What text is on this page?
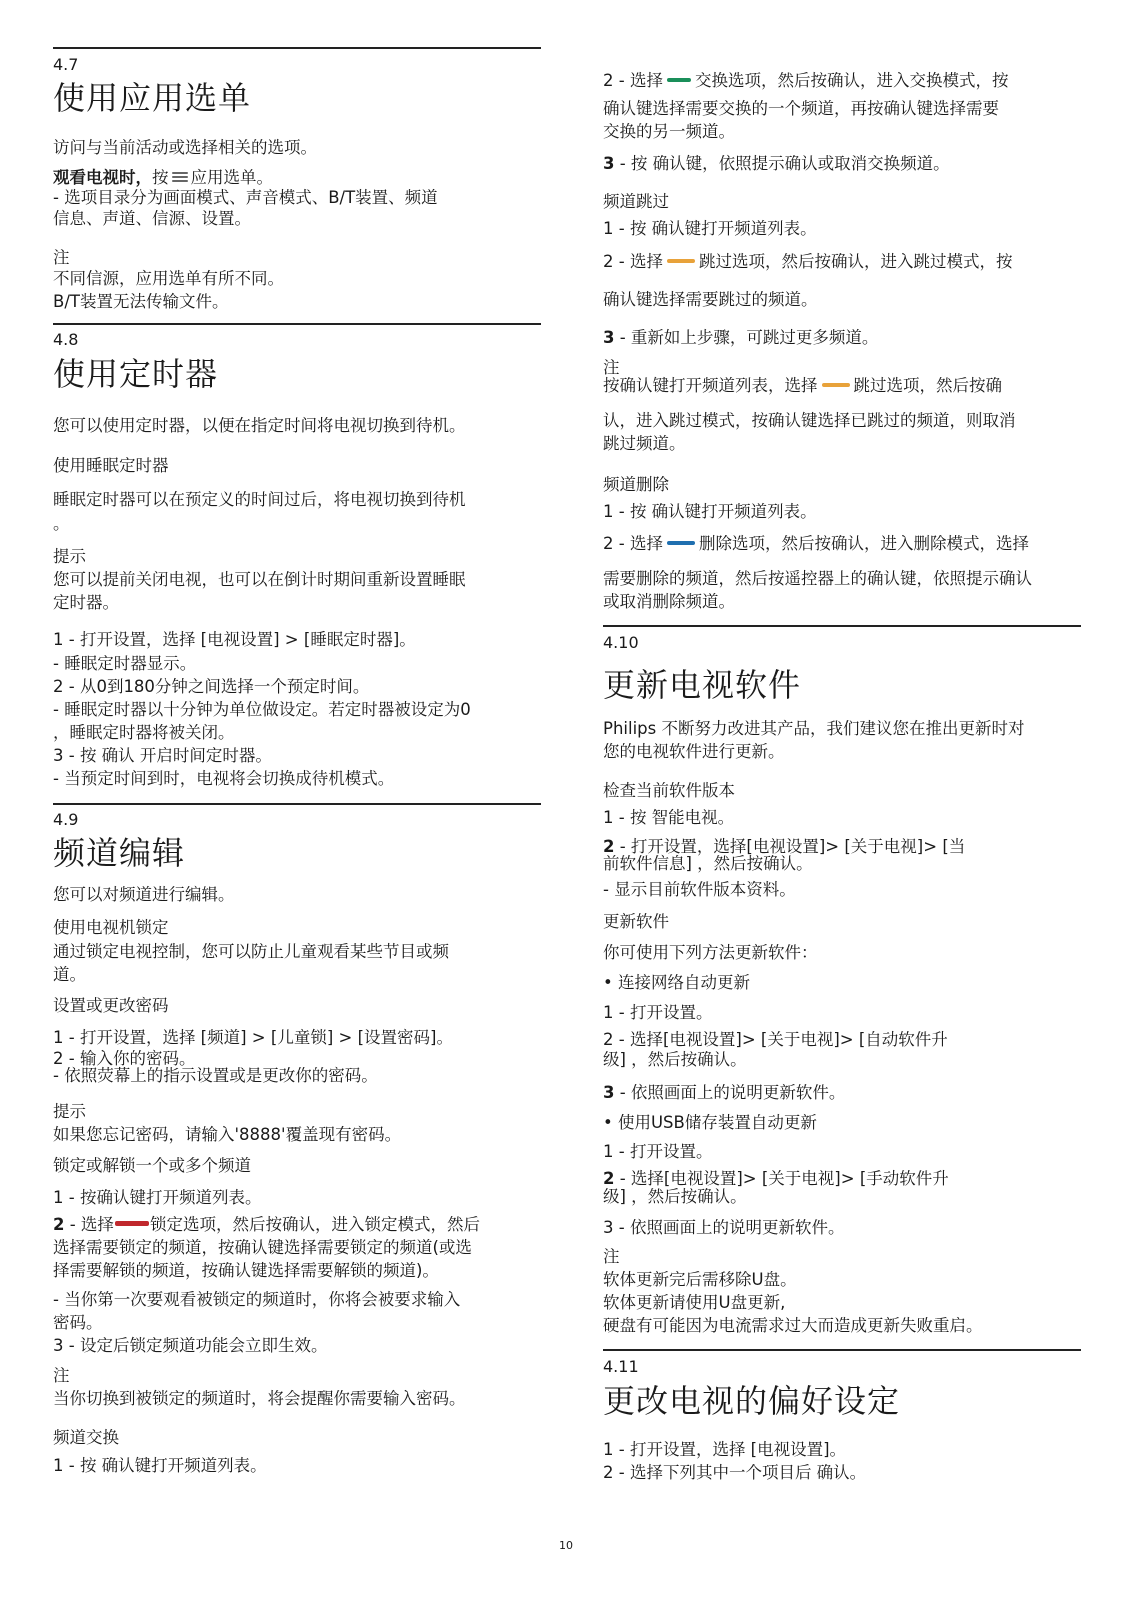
4.7
使用应用选单
访问与当前活动或选择相关的选项。
观看电视时，按 应用选单。
- 选项目录分为画面模式、声音模式、B/T装置、频道
信息、声道、信源、设置。
注
不同信源，应用选单有所不同。
B/T装置无法传输文件。
4.8
使用定时器
您可以使用定时器，以便在指定时间将电视切换到待机。
使用睡眠定时器
睡眠定时器可以在预定义的时间过后，将电视切换到待机
。
提示
您可以提前关闭电视，也可以在倒计时期间重新设置睡眠
定时器。
1 - 打开设置，选择 [电视设置] > [睡眠定时器]。
- 睡眠定时器显示。
2 - 从0到180分钟之间选择一个预定时间。
- 睡眠定时器以十分钟为单位做设定。若定时器被设定为0
，睡眠定时器将被关闭。
3 - 按 确认 开启时间定时器。
- 当预定时间到时，电视将会切换成待机模式。
4.9
频道编辑
您可以对频道进行编辑。
使用电视机锁定
通过锁定电视控制，您可以防止儿童观看某些节目或频
道。
设置或更改密码
1 - 打开设置，选择 [频道] > [儿童锁] > [设置密码]。
2 - 输入你的密码。
- 依照荧幕上的指示设置或是更改你的密码。
提示
如果您忘记密码，请输入'8888'覆盖现有密码。
锁定或解锁一个或多个频道
1 - 按确认键打开频道列表。
2 - 选择 锁定选项，然后按确认，进入锁定模式，然后
选择需要锁定的频道，按确认键选择需要锁定的频道(或选
择需要解锁的频道，按确认键选择需要解锁的频道)。
- 当你第一次要观看被锁定的频道时，你将会被要求输入
密码。
3 - 设定后锁定频道功能会立即生效。
注
当你切换到被锁定的频道时，将会提醒你需要输入密码。
频道交换
1 - 按 确认键打开频道列表。
2 - 选择 交换选项，然后按确认，进入交换模式，按
确认键选择需要交换的一个频道，再按确认键选择需要
交换的另一频道。
3 - 按 确认键，依照提示确认或取消交换频道。
频道跳过
1 - 按 确认键打开频道列表。
2 - 选择 跳过选项，然后按确认，进入跳过模式，按
确认键选择需要跳过的频道。
3 - 重新如上步骤，可跳过更多频道。
注
按确认键打开频道列表，选择 跳过选项，然后按确
认，进入跳过模式，按确认键选择已跳过的频道，则取消
跳过频道。
频道删除
1 - 按 确认键打开频道列表。
2 - 选择 删除选项，然后按确认，进入删除模式，选择
需要删除的频道，然后按遥控器上的确认键，依照提示确认
或取消删除频道。
4.10
更新电视软件
Philips 不断努力改进其产品，我们建议您在推出更新时对
您的电视软件进行更新。
检查当前软件版本
1 - 按 智能电视。
2 - 打开设置，选择[电视设置]> [关于电视]> [当
前软件信息] ，然后按确认。
- 显示目前软件版本资料。
更新软件
你可使用下列方法更新软件：
• 连接网络自动更新
1 - 打开设置。
2 - 选择[电视设置]> [关于电视]> [自动软件升
级] ，然后按确认。
3 - 依照画面上的说明更新软件。
• 使用USB储存装置自动更新
1 - 打开设置。
2 - 选择[电视设置]> [关于电视]> [手动软件升
级] ，然后按确认。
3 - 依照画面上的说明更新软件。
注
软体更新完后需移除U盘。
软体更新请使用U盘更新,
硬盘有可能因为电流需求过大而造成更新失败重启。
4.11
更改电视的偏好设定
1 - 打开设置，选择 [电视设置]。
2 - 选择下列其中一个项目后 确认。
10
